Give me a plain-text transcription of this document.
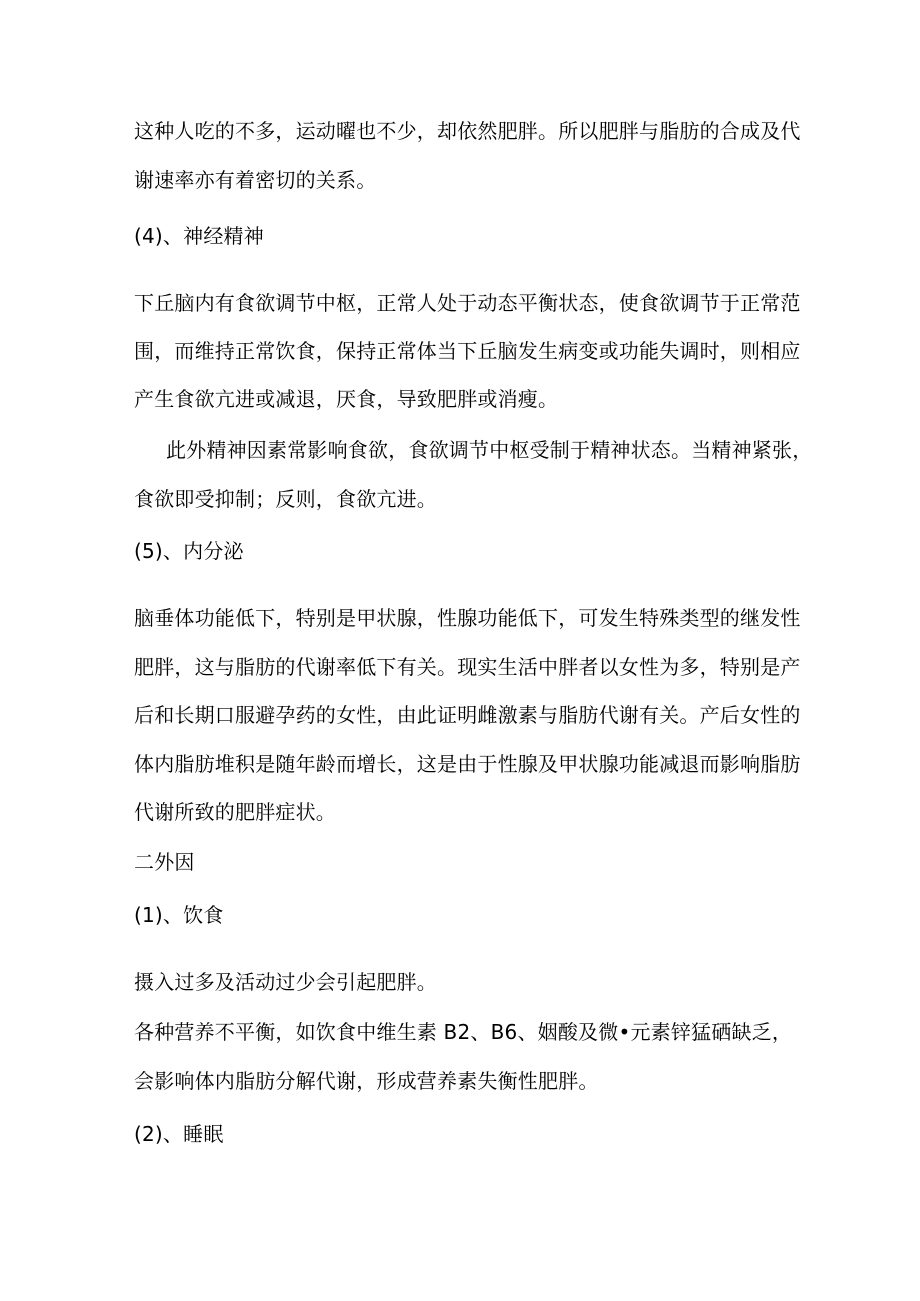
这种人吃的不多，运动曜也不少，却依然肥胖。所以肥胖与脂肪的合成及代
谢速率亦有着密切的关系。
(4)、神经精神
下丘脑内有食欲调节中枢，正常人处于动态平衡状态，使食欲调节于正常范
围，而维持正常饮食，保持正常体当下丘脑发生病变或功能失调时，则相应
产生食欲亢进或减退，厌食，导致肥胖或消瘦。
此外精神因素常影响食欲，食欲调节中枢受制于精神状态。当精神紧张，
食欲即受抑制；反则，食欲亢进。
(5)、内分泌
脑垂体功能低下，特别是甲状腺，性腺功能低下，可发生特殊类型的继发性
肥胖，这与脂肪的代谢率低下有关。现实生活中胖者以女性为多，特别是产
后和长期口服避孕药的女性，由此证明雌激素与脂肪代谢有关。产后女性的
体内脂肪堆积是随年龄而增长，这是由于性腺及甲状腺功能减退而影响脂肪
代谢所致的肥胖症状。
二外因
(1)、饮食
摄入过多及活动过少会引起肥胖。
各种营养不平衡，如饮食中维生素 B2、B6、姻酸及微•元素锌猛硒缺乏，
会影响体内脂肪分解代谢，形成营养素失衡性肥胖。
(2)、睡眠
